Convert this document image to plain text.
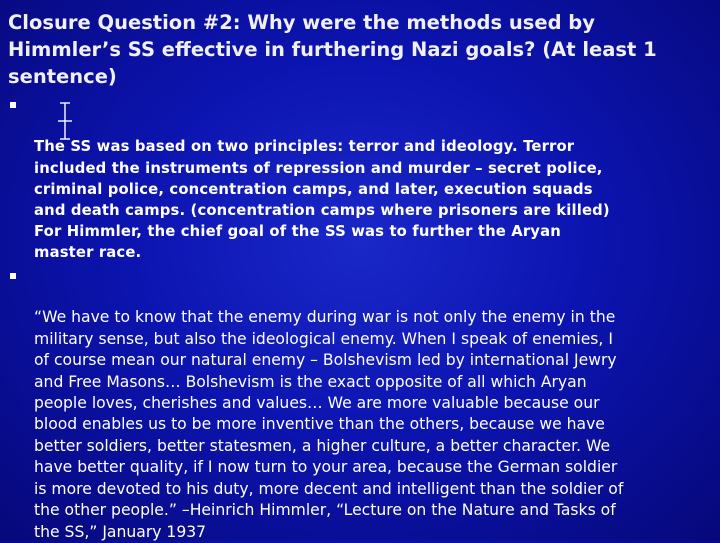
Closure Question #2: Why were the methods used by
Himmler’s SS effective in furthering Nazi goals? (At least 1
sentence)

The SS was based on two principles: terror and ideology. Terror
included the instruments of repression and murder – secret police,
criminal police, concentration camps, and later, execution squads
and death camps. (concentration camps where prisoners are killed)
For Himmler, the chief goal of the SS was to further the Aryan
master race.

“We have to know that the enemy during war is not only the enemy in the
military sense, but also the ideological enemy. When I speak of enemies, I
of course mean our natural enemy – Bolshevism led by international Jewry
and Free Masons… Bolshevism is the exact opposite of all which Aryan
people loves, cherishes and values… We are more valuable because our
blood enables us to be more inventive than the others, because we have
better soldiers, better statesmen, a higher culture, a better character. We
have better quality, if I now turn to your area, because the German soldier
is more devoted to his duty, more decent and intelligent than the soldier of
the other people.” –Heinrich Himmler, “Lecture on the Nature and Tasks of
the SS,” January 1937
